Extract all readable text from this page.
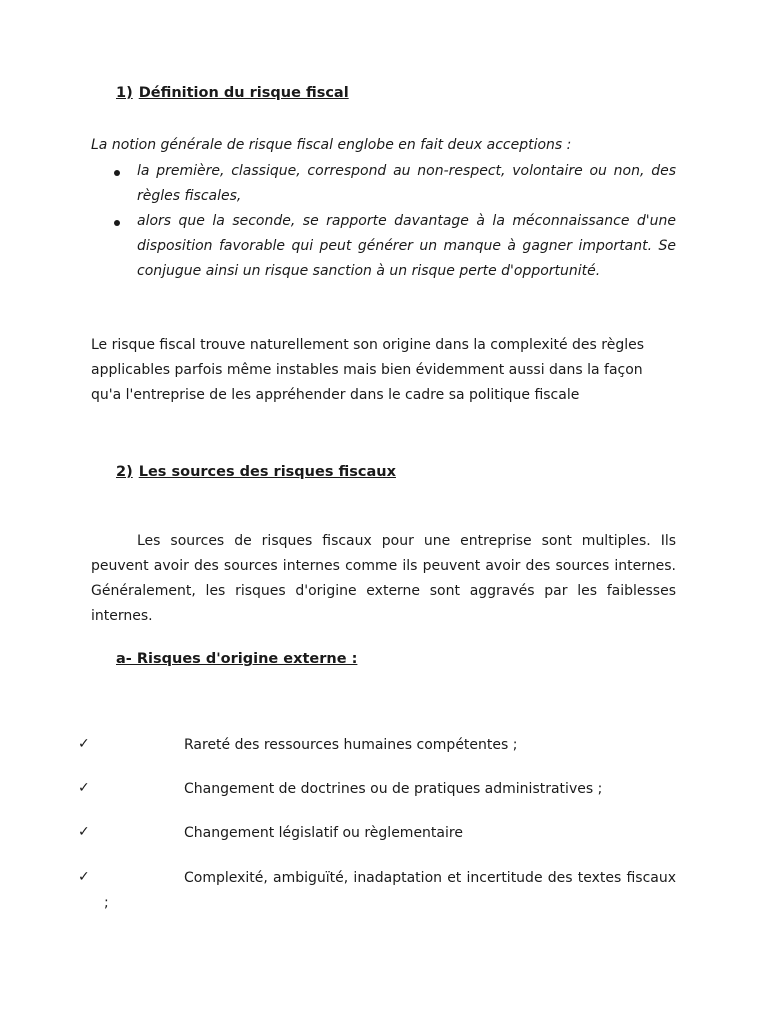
1) Définition du risque fiscal
La notion générale de risque fiscal englobe en fait deux acceptions :
la première, classique, correspond au non-respect, volontaire ou non, des règles fiscales,
alors que la seconde, se rapporte davantage à la méconnaissance d'une disposition favorable qui peut générer un manque à gagner important. Se conjugue ainsi un risque sanction à un risque perte d'opportunité.
Le risque fiscal trouve naturellement son origine dans la complexité des règles applicables parfois même instables mais bien évidemment aussi dans la façon qu'a l'entreprise de les appréhender dans le cadre sa politique fiscale
2) Les sources des risques fiscaux
Les sources de risques fiscaux pour une entreprise sont multiples. Ils peuvent avoir des sources internes comme ils peuvent avoir des sources internes. Généralement, les risques d'origine externe sont aggravés par les faiblesses internes.
a- Risques d'origine externe :
✓	Rareté des ressources humaines compétentes ;
✓	Changement de doctrines ou de pratiques administratives ;
✓	Changement législatif ou règlementaire
✓	Complexité, ambiguïté, inadaptation et incertitude des textes fiscaux ;
